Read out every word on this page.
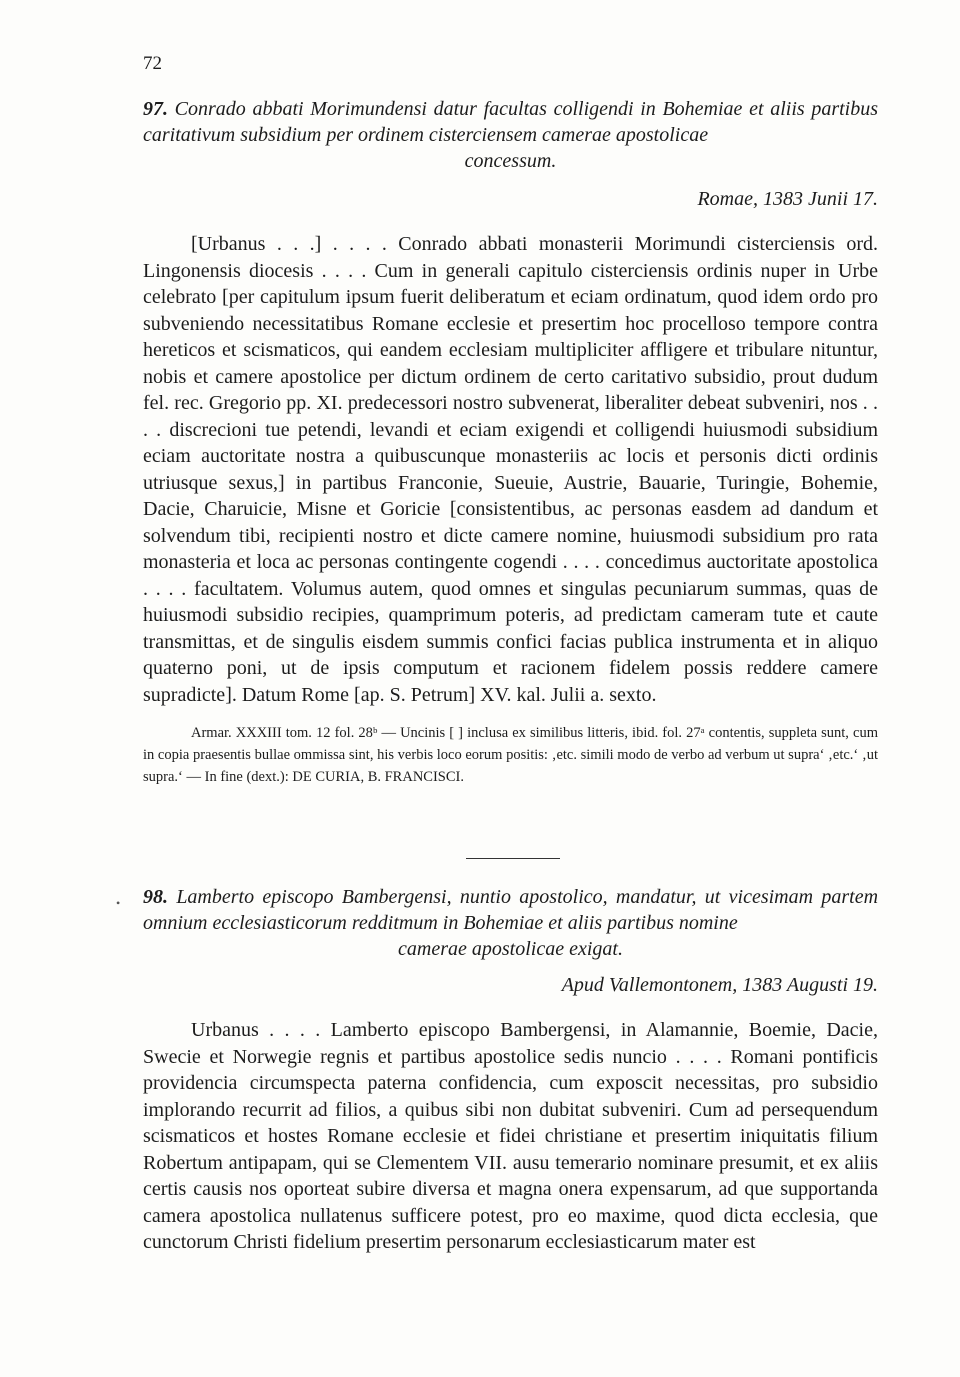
72

97. Conrado abbati Morimundensi datur facultas colligendi in Bohemiae et aliis partibus caritativum subsidium per ordinem cisterciensem camerae apostolicae

concessum.

Romae, 1383 Junii 17.

[Urbanus . . .] . . . . Conrado abbati monasterii Morimundi cisterciensis ord. Lingonensis diocesis . . . . Cum in generali capitulo cisterciensis ordinis nuper in Urbe celebrato [per capitulum ipsum fuerit deliberatum et eciam ordinatum, quod idem ordo pro subveniendo necessitatibus Romane ecclesie et presertim hoc procelloso tempore contra hereticos et scismaticos, qui eandem ecclesiam multipliciter affligere et tribulare nituntur, nobis et camere apostolice per dictum ordinem de certo caritativo subsidio, prout dudum fel. rec. Gregorio pp. XI. predecessori nostro subvenerat, liberaliter debeat subveniri, nos . . . . discrecioni tue petendi, levandi et eciam exigendi et colligendi huiusmodi subsidium eciam auctoritate nostra a quibuscunque monasteriis ac locis et personis dicti ordinis utriusque sexus,] in partibus Franconie, Sueuie, Austrie, Bauarie, Turingie, Bohemie, Dacie, Charuicie, Misne et Goricie [consistentibus, ac personas easdem ad dandum et solvendum tibi, recipienti nostro et dicte camere nomine, huiusmodi subsidium pro rata monasteria et loca ac personas contingente cogendi . . . . concedimus auctoritate apostolica . . . . facultatem. Volumus autem, quod omnes et singulas pecuniarum summas, quas de huiusmodi subsidio recipies, quamprimum poteris, ad predictam cameram tute et caute transmittas, et de singulis eisdem summis confici facias publica instrumenta et in aliquo quaterno poni, ut de ipsis computum et racionem fidelem possis reddere camere supradicte]. Datum Rome [ap. S. Petrum] XV. kal. Julii a. sexto.

Armar. XXXIII tom. 12 fol. 28ᵇ — Uncinis [ ] inclusa ex similibus litteris, ibid. fol. 27ᵃ contentis, suppleta sunt, cum in copia praesentis bullae ommissa sint, his verbis loco eorum positis: ‚etc. simili modo de verbo ad verbum ut supra‘ ‚etc.‘ ‚ut supra.‘ — In fine (dext.): DE CURIA, B. FRANCISCI.

• 98. Lamberto episcopo Bambergensi, nuntio apostolico, mandatur, ut vicesimam partem omnium ecclesiasticorum redditmum in Bohemiae et aliis partibus nomine

camerae apostolicae exigat.

Apud Vallemontonem, 1383 Augusti 19.

Urbanus . . . . Lamberto episcopo Bambergensi, in Alamannie, Boemie, Dacie, Swecie et Norwegie regnis et partibus apostolice sedis nuncio . . . . Romani pontificis providencia circumspecta paterna confidencia, cum exposcit necessitas, pro subsidio implorando recurrit ad filios, a quibus sibi non dubitat subveniri. Cum ad persequendum scismaticos et hostes Romane ecclesie et fidei christiane et presertim iniquitatis filium Robertum antipapam, qui se Clementem VII. ausu temerario nominare presumit, et ex aliis certis causis nos oporteat subire diversa et magna onera expensarum, ad que supportanda camera apostolica nullatenus sufficere potest, pro eo maxime, quod dicta ecclesia, que cunctorum Christi fidelium presertim personarum ecclesiasticarum mater est
